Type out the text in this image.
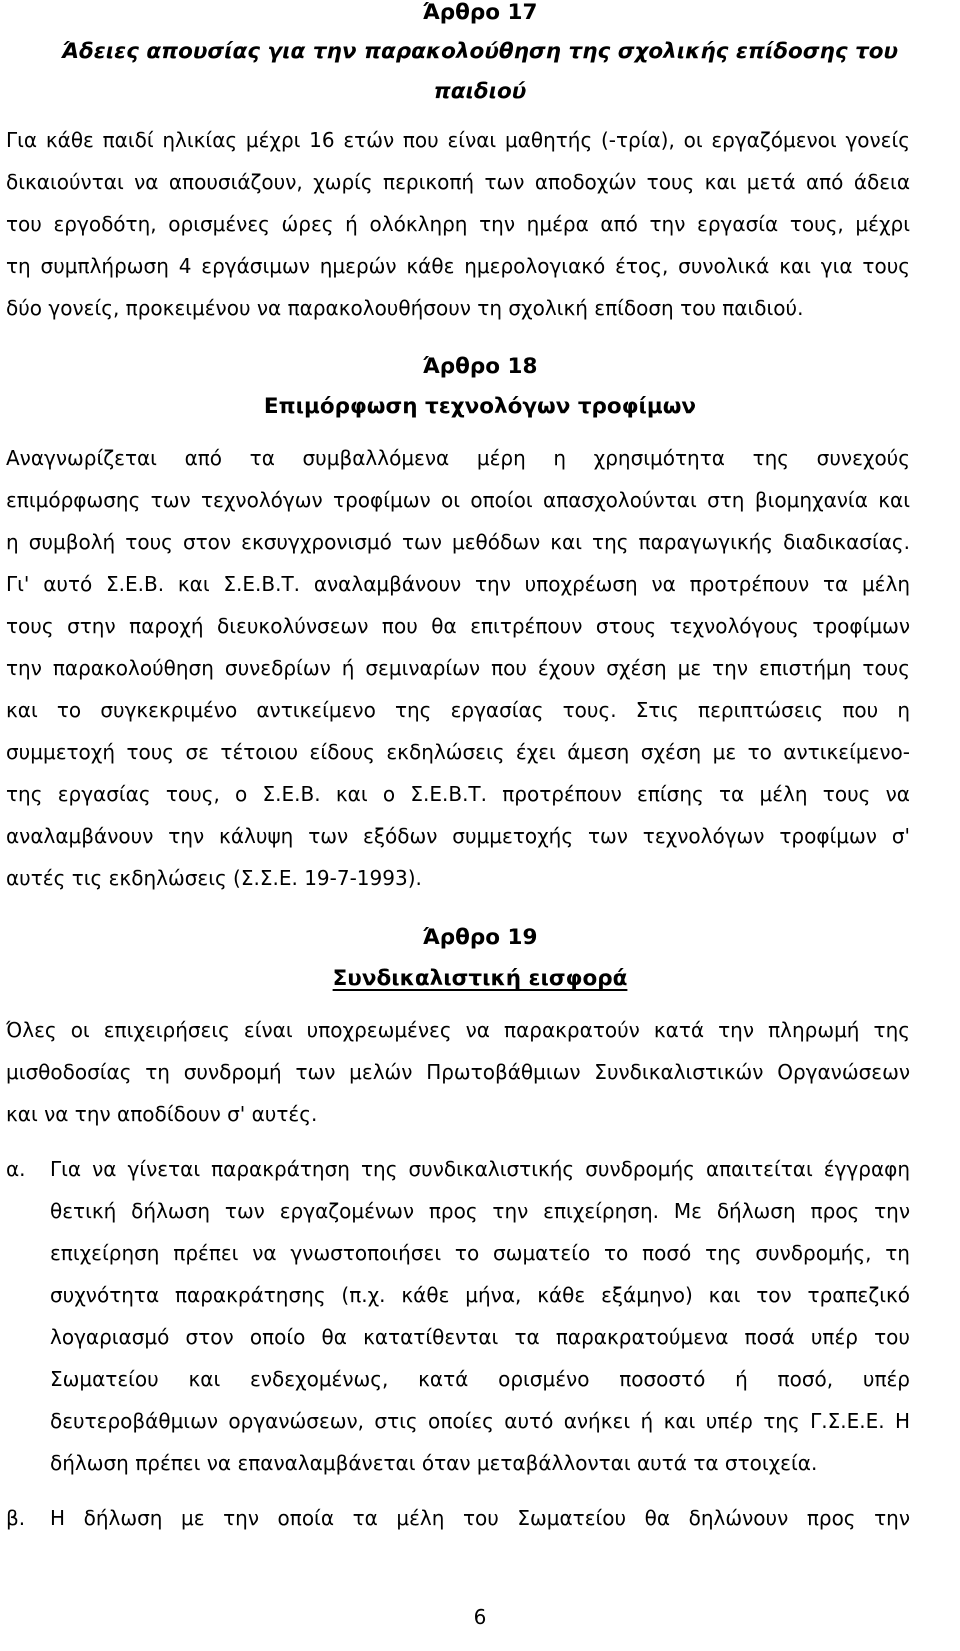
Άρθρο 17
Άδειες απουσίας για την παρακολούθηση της σχολικής επίδοσης του
παιδιού
Για κάθε παιδί ηλικίας μέχρι 16 ετών που είναι μαθητής (-τρία), οι εργαζόμενοι γονείς
δικαιούνται να απουσιάζουν, χωρίς περικοπή των αποδοχών τους και μετά από άδεια
του εργοδότη, ορισμένες ώρες ή ολόκληρη την ημέρα από την εργασία τους, μέχρι
τη συμπλήρωση 4 εργάσιμων ημερών κάθε ημερολογιακό έτος, συνολικά και για τους
δύο γονείς, προκειμένου να παρακολουθήσουν τη σχολική επίδοση του παιδιού.
Άρθρο 18
Επιμόρφωση τεχνολόγων τροφίμων
Αναγνωρίζεται από τα συμβαλλόμενα μέρη η χρησιμότητα της συνεχούς
επιμόρφωσης των τεχνολόγων τροφίμων οι οποίοι απασχολούνται στη βιομηχανία και
η συμβολή τους στον εκσυγχρονισμό των μεθόδων και της παραγωγικής διαδικασίας.
Γι' αυτό Σ.Ε.Β. και Σ.Ε.Β.Τ. αναλαμβάνουν την υποχρέωση να προτρέπουν τα μέλη
τους στην παροχή διευκολύνσεων που θα επιτρέπουν στους τεχνολόγους τροφίμων
την παρακολούθηση συνεδρίων ή σεμιναρίων που έχουν σχέση με την επιστήμη τους
και το συγκεκριμένο αντικείμενο της εργασίας τους. Στις περιπτώσεις που η
συμμετοχή τους σε τέτοιου είδους εκδηλώσεις έχει άμεση σχέση με το αντικείμενο-
της εργασίας τους, ο Σ.Ε.Β. και ο Σ.Ε.Β.Τ. προτρέπουν επίσης τα μέλη τους να
αναλαμβάνουν την κάλυψη των εξόδων συμμετοχής των τεχνολόγων τροφίμων σ'
αυτές τις εκδηλώσεις (Σ.Σ.Ε. 19-7-1993).
Άρθρο 19
Συνδικαλιστική εισφορά
Όλες οι επιχειρήσεις είναι υποχρεωμένες να παρακρατούν κατά την πληρωμή της
μισθοδοσίας τη συνδρομή των μελών Πρωτοβάθμιων Συνδικαλιστικών Οργανώσεων
και να την αποδίδουν σ' αυτές.
α. Για να γίνεται παρακράτηση της συνδικαλιστικής συνδρομής απαιτείται έγγραφη
θετική δήλωση των εργαζομένων προς την επιχείρηση. Με δήλωση προς την
επιχείρηση πρέπει να γνωστοποιήσει το σωματείο το ποσό της συνδρομής, τη
συχνότητα παρακράτησης (π.χ. κάθε μήνα, κάθε εξάμηνο) και τον τραπεζικό
λογαριασμό στον οποίο θα κατατίθενται τα παρακρατούμενα ποσά υπέρ του
Σωματείου και ενδεχομένως, κατά ορισμένο ποσοστό ή ποσό, υπέρ
δευτεροβάθμιων οργανώσεων, στις οποίες αυτό ανήκει ή και υπέρ της Γ.Σ.Ε.Ε. Η
δήλωση πρέπει να επαναλαμβάνεται όταν μεταβάλλονται αυτά τα στοιχεία.
β. Η δήλωση με την οποία τα μέλη του Σωματείου θα δηλώνουν προς την
6
